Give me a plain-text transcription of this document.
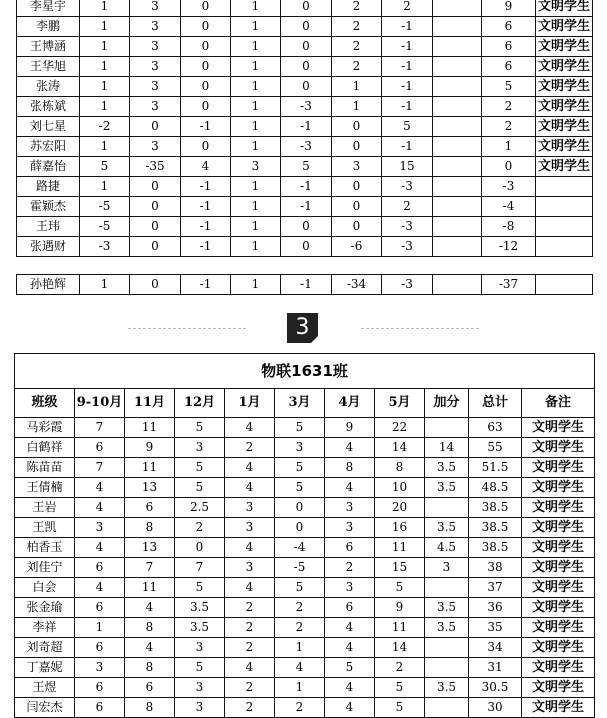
李星宇	1	3	0	1	0	2	2		9	文明学生
李鹏	1	3	0	1	0	2	-1		6	文明学生
王博涵	1	3	0	1	0	2	-1		6	文明学生
王华旭	1	3	0	1	0	2	-1		6	文明学生
张涛	1	3	0	1	0	1	-1		5	文明学生
张栋斌	1	3	0	1	-3	1	-1		2	文明学生
刘七星	-2	0	-1	1	-1	0	5		2	文明学生
苏宏阳	1	3	0	1	-3	0	-1		1	文明学生
薛嘉怡	5	-35	4	3	5	3	15		0	文明学生
路捷	1	0	-1	1	-1	0	-3		-3	
霍颖杰	-5	0	-1	1	-1	0	2		-4	
王玮	-5	0	-1	1	0	0	-3		-8	
张遇财	-3	0	-1	1	0	-6	-3		-12	
孙艳辉	1	0	-1	1	-1	-34	-3		-37	
3
物联1631班										
班级	9-10月	11月	12月	1月	3月	4月	5月	加分	总计	备注
马彩霞	7	11	5	4	5	9	22		63	文明学生
白鹤祥	6	9	3	2	3	4	14	14	55	文明学生
陈苗苗	7	11	5	4	5	8	8	3.5	51.5	文明学生
王倩楠	4	13	5	4	5	4	10	3.5	48.5	文明学生
王岩	4	6	2.5	3	0	3	20		38.5	文明学生
王凯	3	8	2	3	0	3	16	3.5	38.5	文明学生
柏香玉	4	13	0	4	-4	6	11	4.5	38.5	文明学生
刘佳宁	6	7	7	3	-5	2	15	3	38	文明学生
白会	4	11	5	4	5	3	5		37	文明学生
张金瑜	6	4	3.5	2	2	6	9	3.5	36	文明学生
李祥	1	8	3.5	2	2	4	11	3.5	35	文明学生
刘奇超	6	4	3	2	1	4	14		34	文明学生
丁嘉妮	3	8	5	4	4	5	2		31	文明学生
王煜	6	6	3	2	1	4	5	3.5	30.5	文明学生
闫宏杰	6	8	3	2	2	4	5		30	文明学生
